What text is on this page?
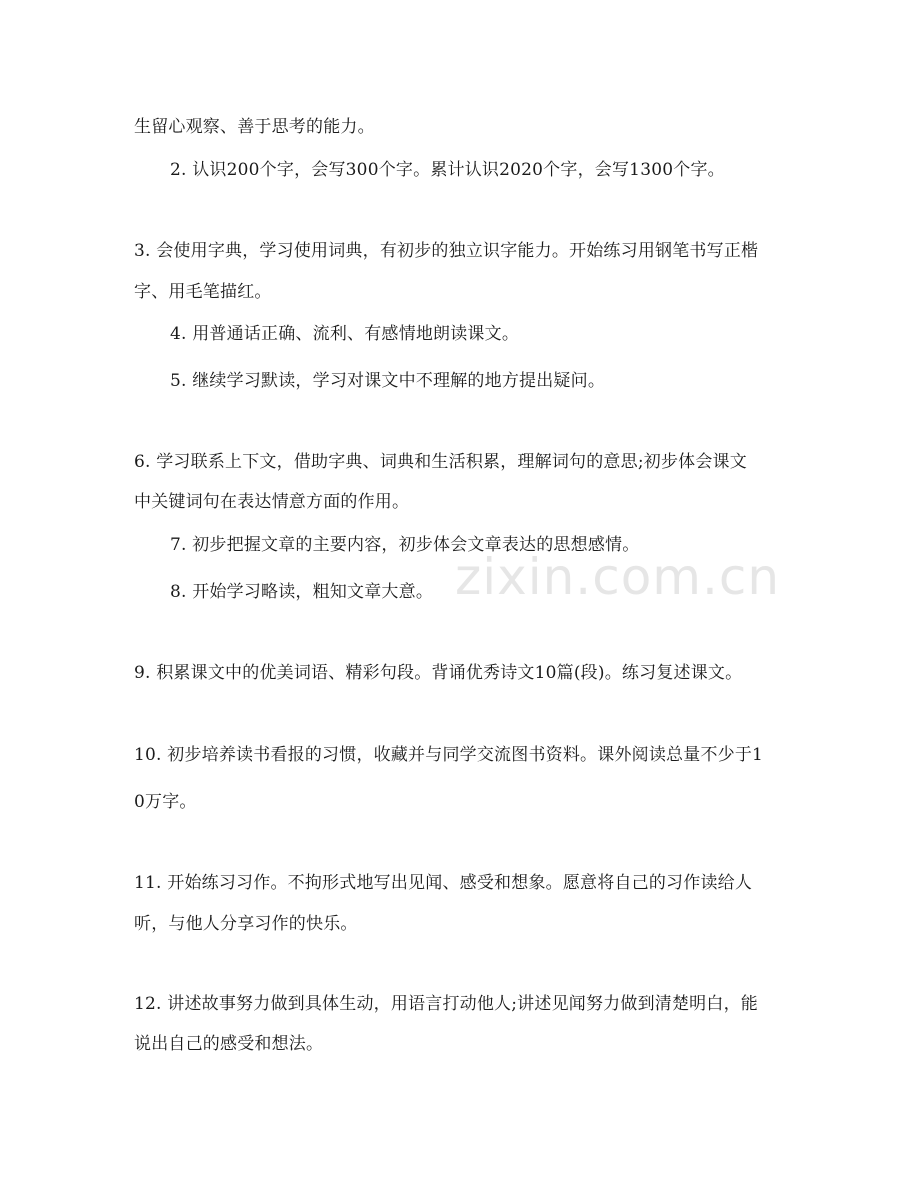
zixin.com.cn
生留心观察、善于思考的能力。
2. 认识200个字，会写300个字。累计认识2020个字，会写1300个字。
3. 会使用字典，学习使用词典，有初步的独立识字能力。开始练习用钢笔书写正楷
字、用毛笔描红。
4. 用普通话正确、流利、有感情地朗读课文。
5. 继续学习默读，学习对课文中不理解的地方提出疑问。
6. 学习联系上下文，借助字典、词典和生活积累，理解词句的意思;初步体会课文
中关键词句在表达情意方面的作用。
7. 初步把握文章的主要内容，初步体会文章表达的思想感情。
8. 开始学习略读，粗知文章大意。
9. 积累课文中的优美词语、精彩句段。背诵优秀诗文10篇(段)。练习复述课文。
10. 初步培养读书看报的习惯，收藏并与同学交流图书资料。课外阅读总量不少于1
0万字。
11. 开始练习习作。不拘形式地写出见闻、感受和想象。愿意将自己的习作读给人
听，与他人分享习作的快乐。
12. 讲述故事努力做到具体生动，用语言打动他人;讲述见闻努力做到清楚明白，能
说出自己的感受和想法。
